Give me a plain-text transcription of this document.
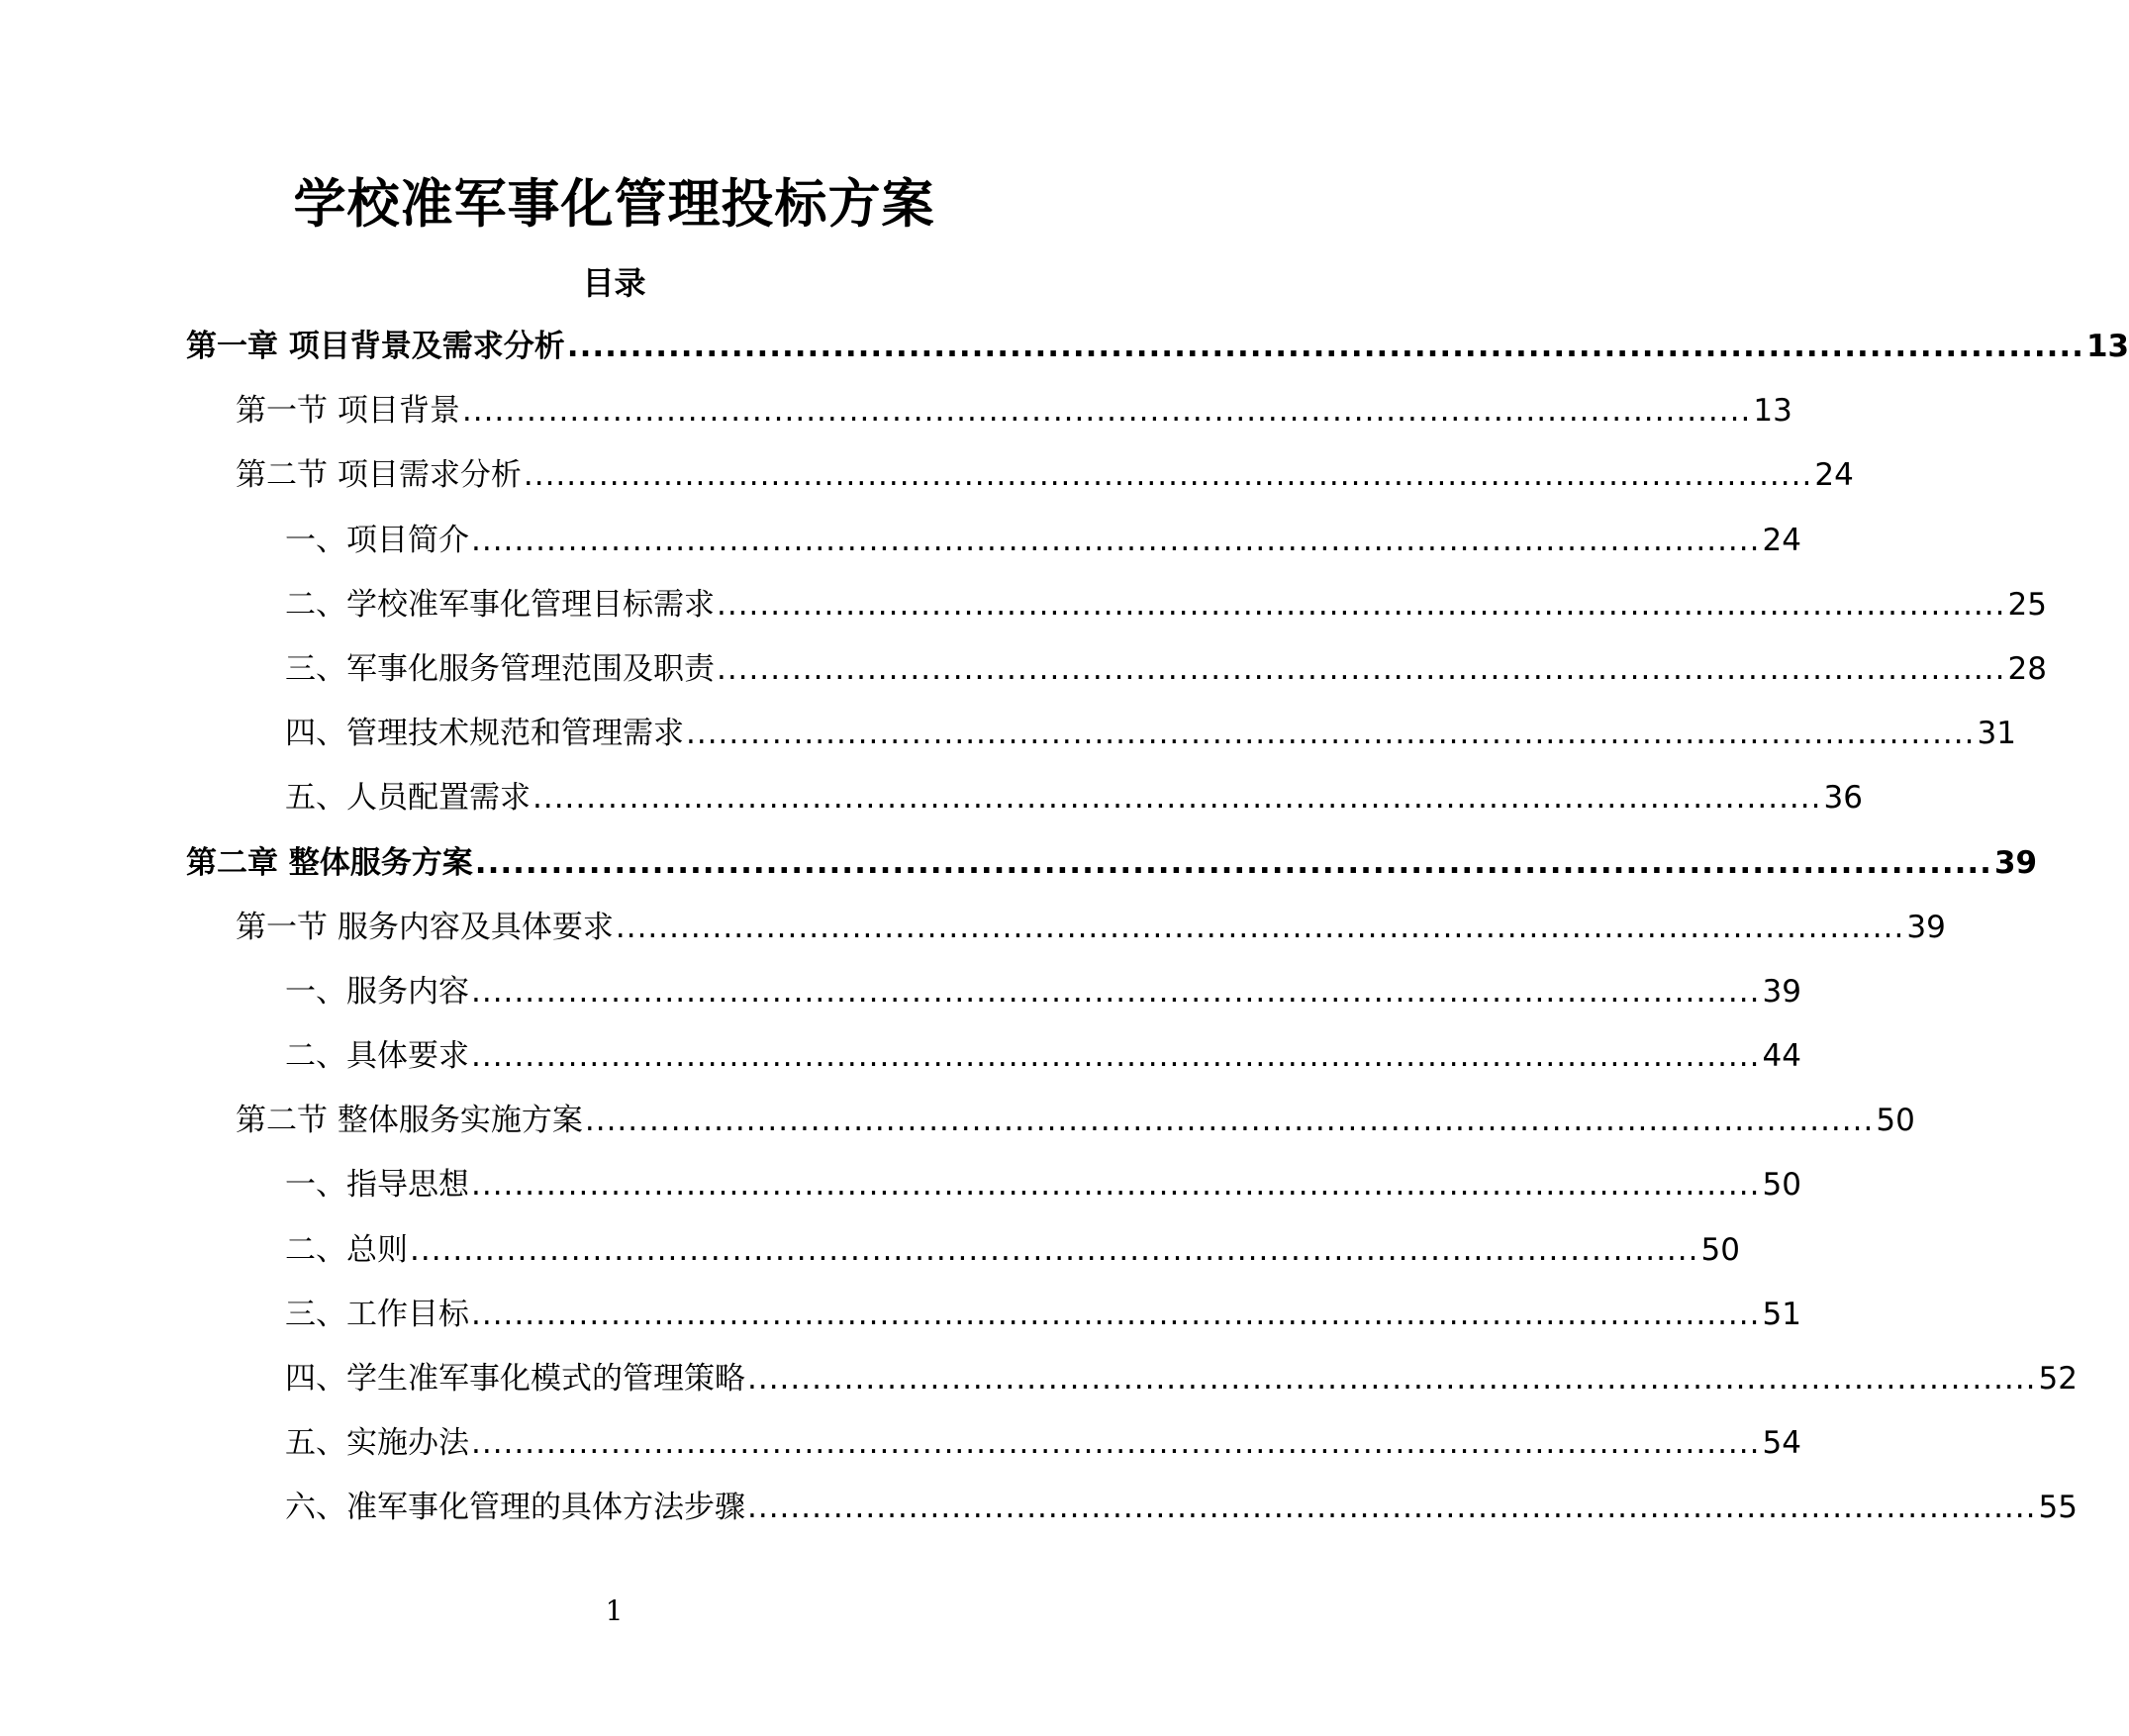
学校准军事化管理投标方案
目录
第一章 项目背景及需求分析 ........................................................................................................................ 13
第一节 项目背景 ........................................................................................................................ 13
第二节 项目需求分析 ........................................................................................................................ 24
一、项目简介 ........................................................................................................................ 24
二、学校准军事化管理目标需求 ........................................................................................................................ 25
三、军事化服务管理范围及职责 ........................................................................................................................ 28
四、管理技术规范和管理需求 ........................................................................................................................ 31
五、人员配置需求 ........................................................................................................................ 36
第二章 整体服务方案 ........................................................................................................................ 39
第一节 服务内容及具体要求 ........................................................................................................................ 39
一、服务内容 ........................................................................................................................ 39
二、具体要求 ........................................................................................................................ 44
第二节 整体服务实施方案 ........................................................................................................................ 50
一、指导思想 ........................................................................................................................ 50
二、总则 ........................................................................................................................ 50
三、工作目标 ........................................................................................................................ 51
四、学生准军事化模式的管理策略 ........................................................................................................................ 52
五、实施办法 ........................................................................................................................ 54
六、准军事化管理的具体方法步骤 ........................................................................................................................ 55
1
